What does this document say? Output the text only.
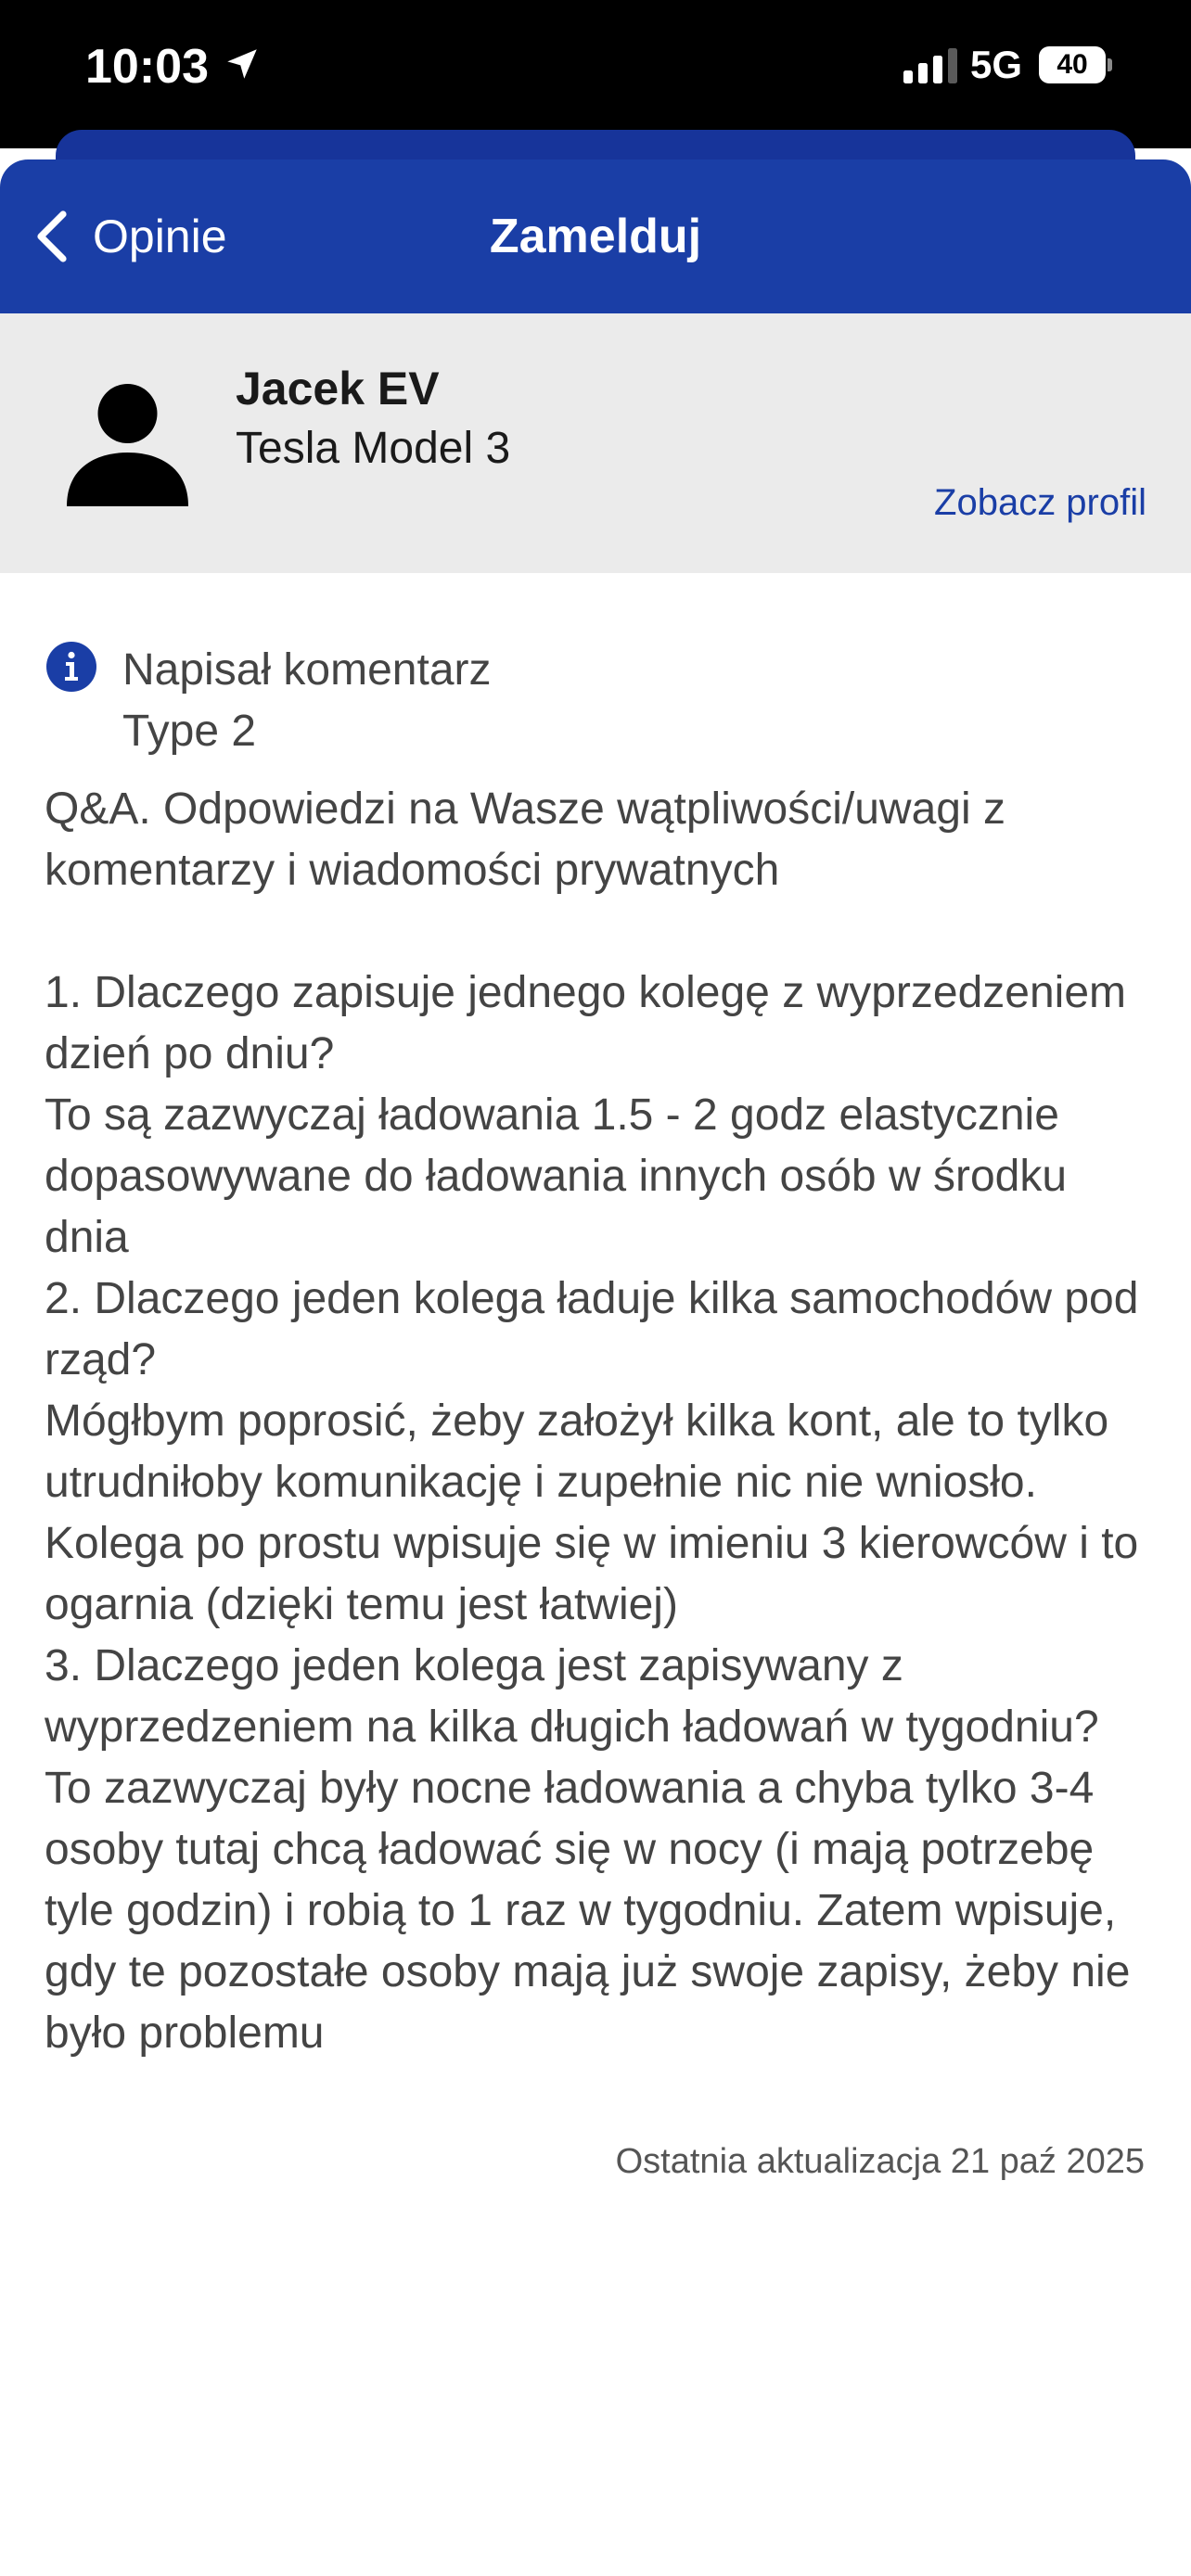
10:03	5G	40
Opinie	Zamelduj
Jacek EV
Tesla Model 3
Zobacz profil
Napisał komentarz
Type 2
Q&A. Odpowiedzi na Wasze wątpliwości/uwagi z komentarzy i wiadomości prywatnych

1. Dlaczego zapisuje jednego kolegę z wyprzedzeniem dzień po dniu?
To są zazwyczaj ładowania 1.5 - 2 godz elastycznie dopasowywane do ładowania innych osób w środku dnia
2. Dlaczego jeden kolega ładuje kilka samochodów pod rząd?
Mógłbym poprosić, żeby założył kilka kont, ale to tylko utrudniłoby komunikację i zupełnie nic nie wniosło. Kolega po prostu wpisuje się w imieniu 3 kierowców i to ogarnia (dzięki temu jest łatwiej)
3. Dlaczego jeden kolega jest zapisywany z wyprzedzeniem na kilka długich ładowań w tygodniu?
To zazwyczaj były nocne ładowania a chyba tylko 3-4 osoby tutaj chcą ładować się w nocy (i mają potrzebę tyle godzin) i robią to 1 raz w tygodniu. Zatem wpisuje, gdy te pozostałe osoby mają już swoje zapisy, żeby nie było problemu
Ostatnia aktualizacja 21 paź 2025
